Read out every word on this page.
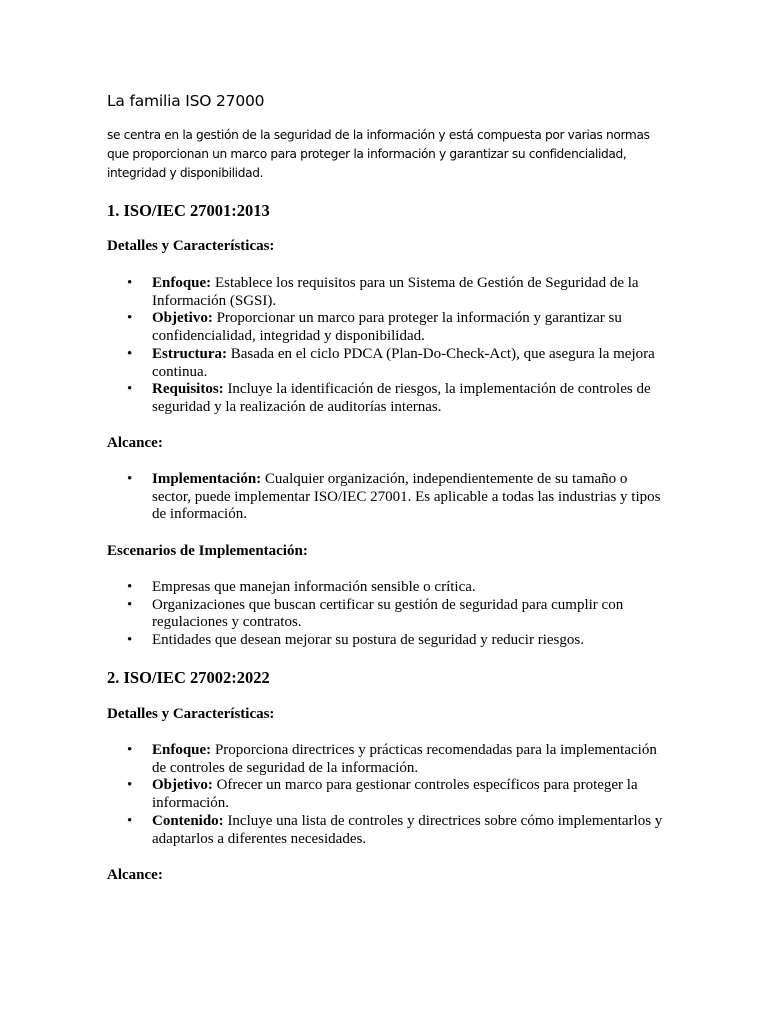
La familia ISO 27000

se centra en la gestión de la seguridad de la información y está compuesta por varias normas que proporcionan un marco para proteger la información y garantizar su confidencialidad, integridad y disponibilidad.

1. ISO/IEC 27001:2013
Detalles y Características:
• Enfoque: Establece los requisitos para un Sistema de Gestión de Seguridad de la Información (SGSI).
• Objetivo: Proporcionar un marco para proteger la información y garantizar su confidencialidad, integridad y disponibilidad.
• Estructura: Basada en el ciclo PDCA (Plan-Do-Check-Act), que asegura la mejora continua.
• Requisitos: Incluye la identificación de riesgos, la implementación de controles de seguridad y la realización de auditorías internas.
Alcance:
• Implementación: Cualquier organización, independientemente de su tamaño o sector, puede implementar ISO/IEC 27001. Es aplicable a todas las industrias y tipos de información.
Escenarios de Implementación:
• Empresas que manejan información sensible o crítica.
• Organizaciones que buscan certificar su gestión de seguridad para cumplir con regulaciones y contratos.
• Entidades que desean mejorar su postura de seguridad y reducir riesgos.
2. ISO/IEC 27002:2022
Detalles y Características:
• Enfoque: Proporciona directrices y prácticas recomendadas para la implementación de controles de seguridad de la información.
• Objetivo: Ofrecer un marco para gestionar controles específicos para proteger la información.
• Contenido: Incluye una lista de controles y directrices sobre cómo implementarlos y adaptarlos a diferentes necesidades.
Alcance:
